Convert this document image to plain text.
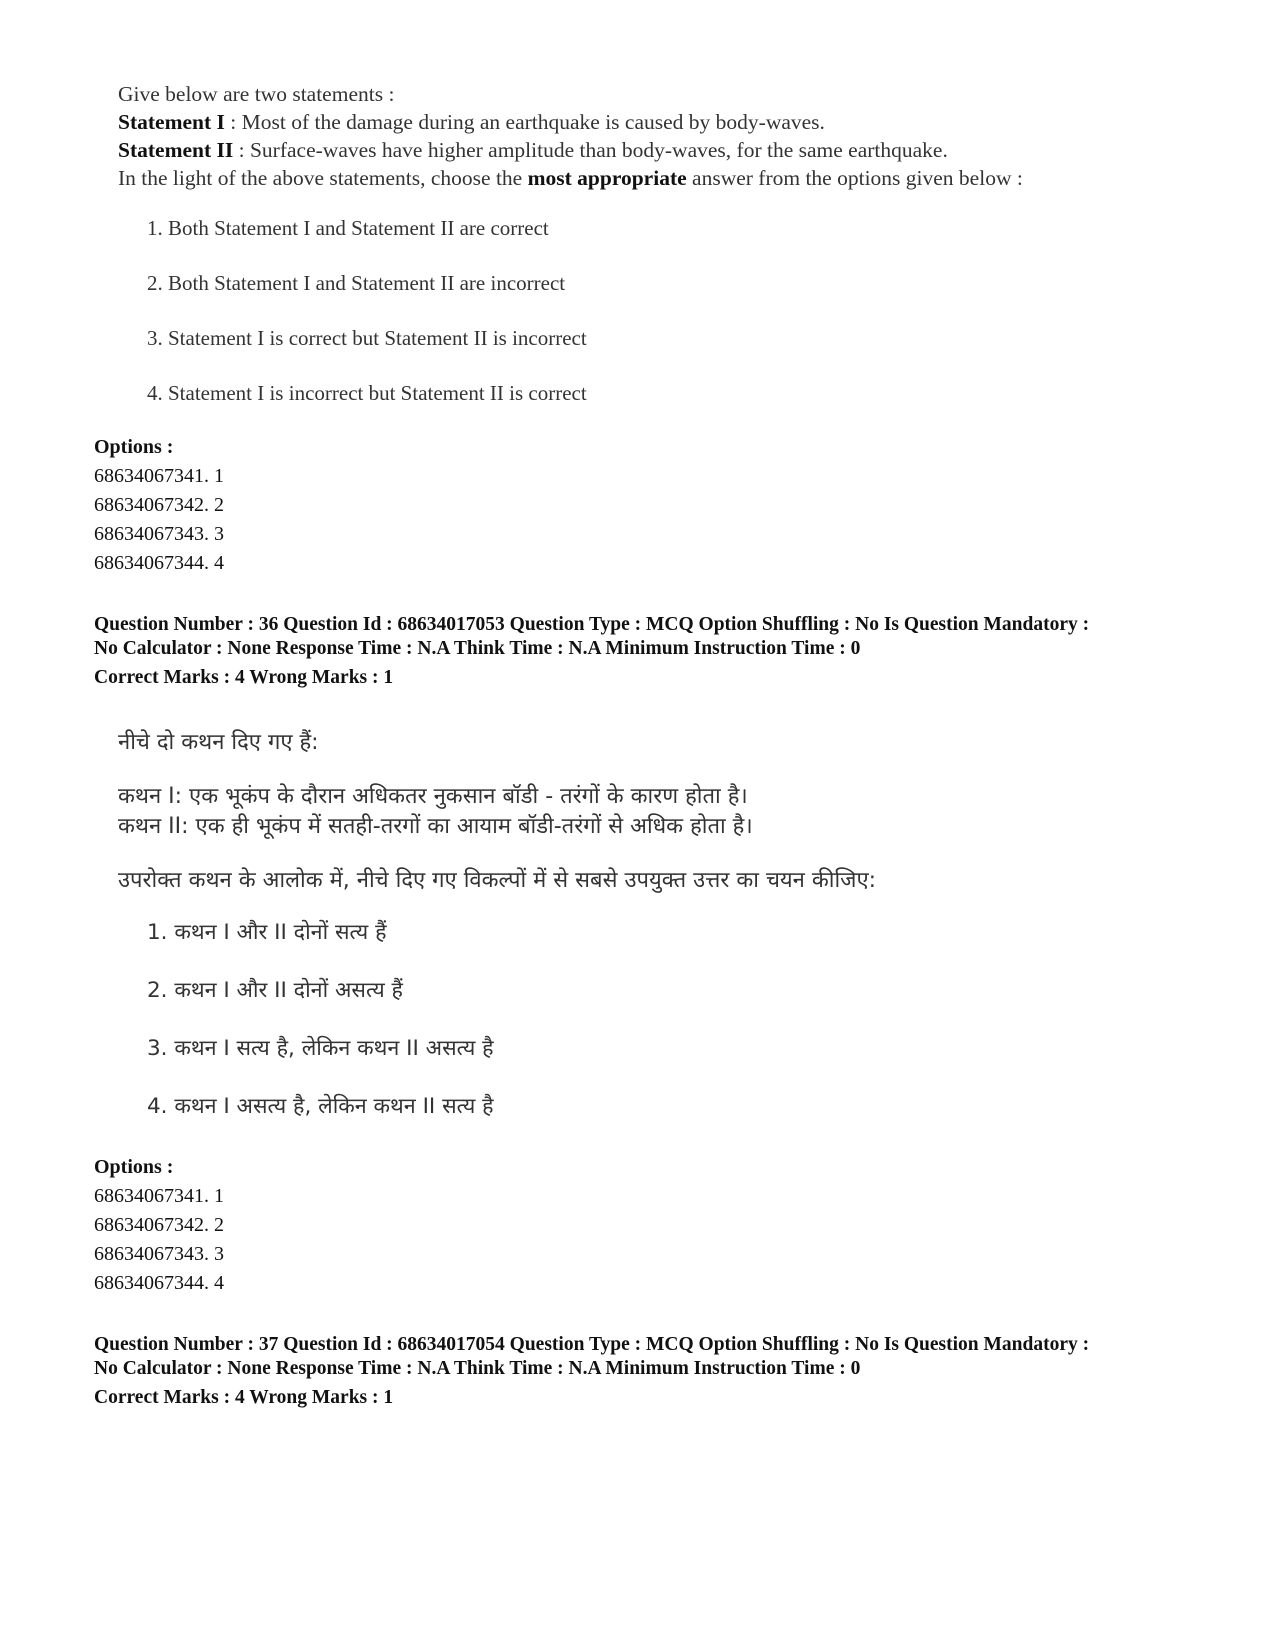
Give below are two statements :
Statement I : Most of the damage during an earthquake is caused by body-waves.
Statement II : Surface-waves have higher amplitude than body-waves, for the same earthquake.
In the light of the above statements, choose the most appropriate answer from the options given below :
1. Both Statement I and Statement II are correct
2. Both Statement I and Statement II are incorrect
3. Statement I is correct but Statement II is incorrect
4. Statement I is incorrect but Statement II is correct
Options :
68634067341. 1
68634067342. 2
68634067343. 3
68634067344. 4
Question Number : 36 Question Id : 68634017053 Question Type : MCQ Option Shuffling : No Is Question Mandatory :
No Calculator : None Response Time : N.A Think Time : N.A Minimum Instruction Time : 0
Correct Marks : 4 Wrong Marks : 1
नीचे दो कथन दिए गए हैं:
कथन I: एक भूकंप के दौरान अधिकतर नुकसान बॉडी - तरंगों के कारण होता है।
कथन II: एक ही भूकंप में सतही-तरगों का आयाम बॉडी-तरंगों से अधिक होता है।
उपरोक्त कथन के आलोक में, नीचे दिए गए विकल्पों में से सबसे उपयुक्त उत्तर का चयन कीजिए:
1. कथन I और II दोनों सत्य हैं
2. कथन I और II दोनों असत्य हैं
3. कथन I सत्य है, लेकिन कथन II असत्य है
4. कथन I असत्य है, लेकिन कथन II सत्य है
Options :
68634067341. 1
68634067342. 2
68634067343. 3
68634067344. 4
Question Number : 37 Question Id : 68634017054 Question Type : MCQ Option Shuffling : No Is Question Mandatory :
No Calculator : None Response Time : N.A Think Time : N.A Minimum Instruction Time : 0
Correct Marks : 4 Wrong Marks : 1
